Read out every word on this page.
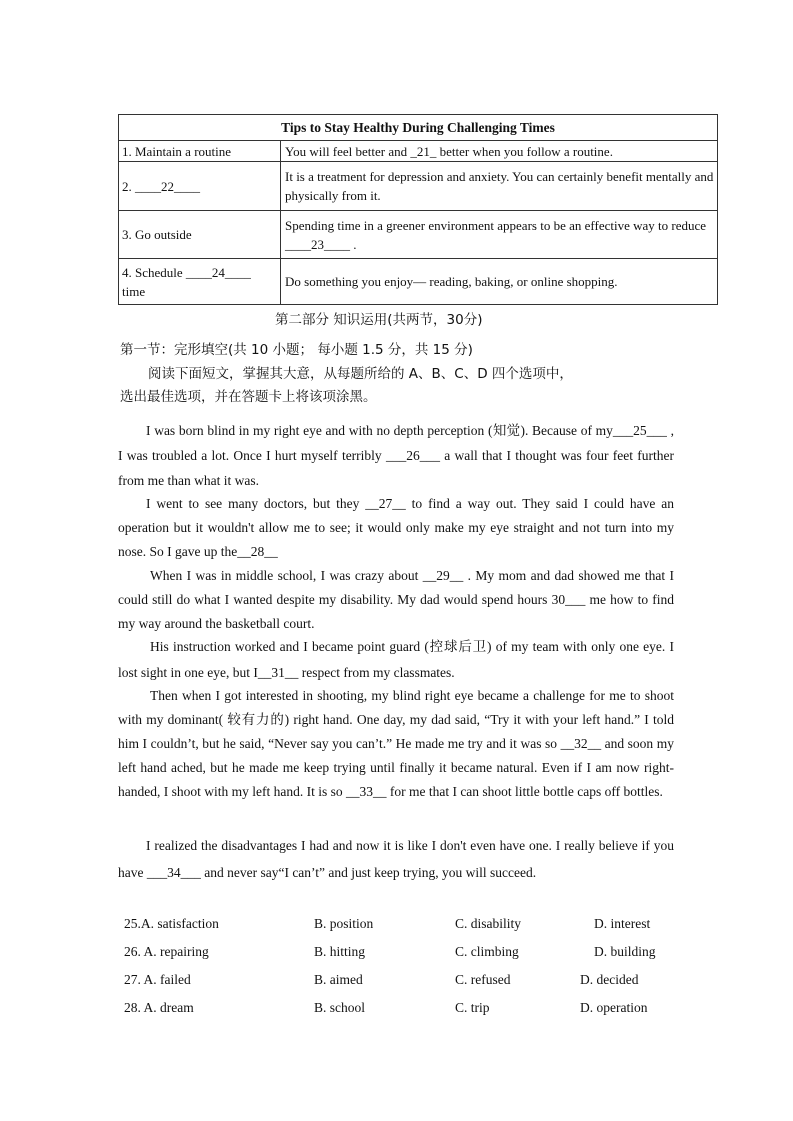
Tips to Stay Healthy During Challenging Times	
1. Maintain a routine	You will feel better and _21_ better when you follow a routine.
2. ____22____	It is a treatment for depression and anxiety. You can certainly benefit mentally and physically from it.
3. Go outside	Spending time in a greener environment appears to be an effective way to reduce ____23____ .
4. Schedule ____24____ time	Do something you enjoy— reading, baking, or online shopping.
第二部分 知识运用(共两节，30分)
第一节：完形填空(共 10 小题； 每小题 1.5 分，共 15 分)
阅读下面短文，掌握其大意，从每题所给的 A、B、C、D 四个选项中，
选出最佳选项，并在答题卡上将该项涂黑。
I was born blind in my right eye and with no depth perception (知觉). Because of my___25___ , I was troubled a lot. Once I hurt myself terribly ___26___ a wall that I thought was four feet further from me than what it was.
I went to see many doctors, but they __27__ to find a way out. They said I could have an operation but it wouldn't allow me to see; it would only make my eye straight and not turn into my nose. So I gave up the__28__
When I was in middle school, I was crazy about __29__ . My mom and dad showed me that I could still do what I wanted despite my disability. My dad would spend hours 30___ me how to find my way around the basketball court.
His instruction worked and I became point guard (控球后卫) of my team with only one eye. I lost sight in one eye, but I__31__ respect from my classmates.
Then when I got interested in shooting, my blind right eye became a challenge for me to shoot with my dominant( 较有力的) right hand. One day, my dad said, “Try it with your left hand.” I told him I couldn’t, but he said, “Never say you can’t.” He made me try and it was so __32__ and soon my left hand ached, but he made me keep trying until finally it became natural. Even if I am now right-handed, I shoot with my left hand. It is so __33__ for me that I can shoot little bottle caps off bottles.
I realized the disadvantages I had and now it is like I don't even have one. I really believe if you have ___34___ and never say“I can’t” and just keep trying, you will succeed.
25.A. satisfaction	B. position	C. disability	D. interest
26. A. repairing	B. hitting	C. climbing	D. building
27. A. failed	B. aimed	C. refused	D. decided
28. A. dream	B. school	C. trip	D. operation
